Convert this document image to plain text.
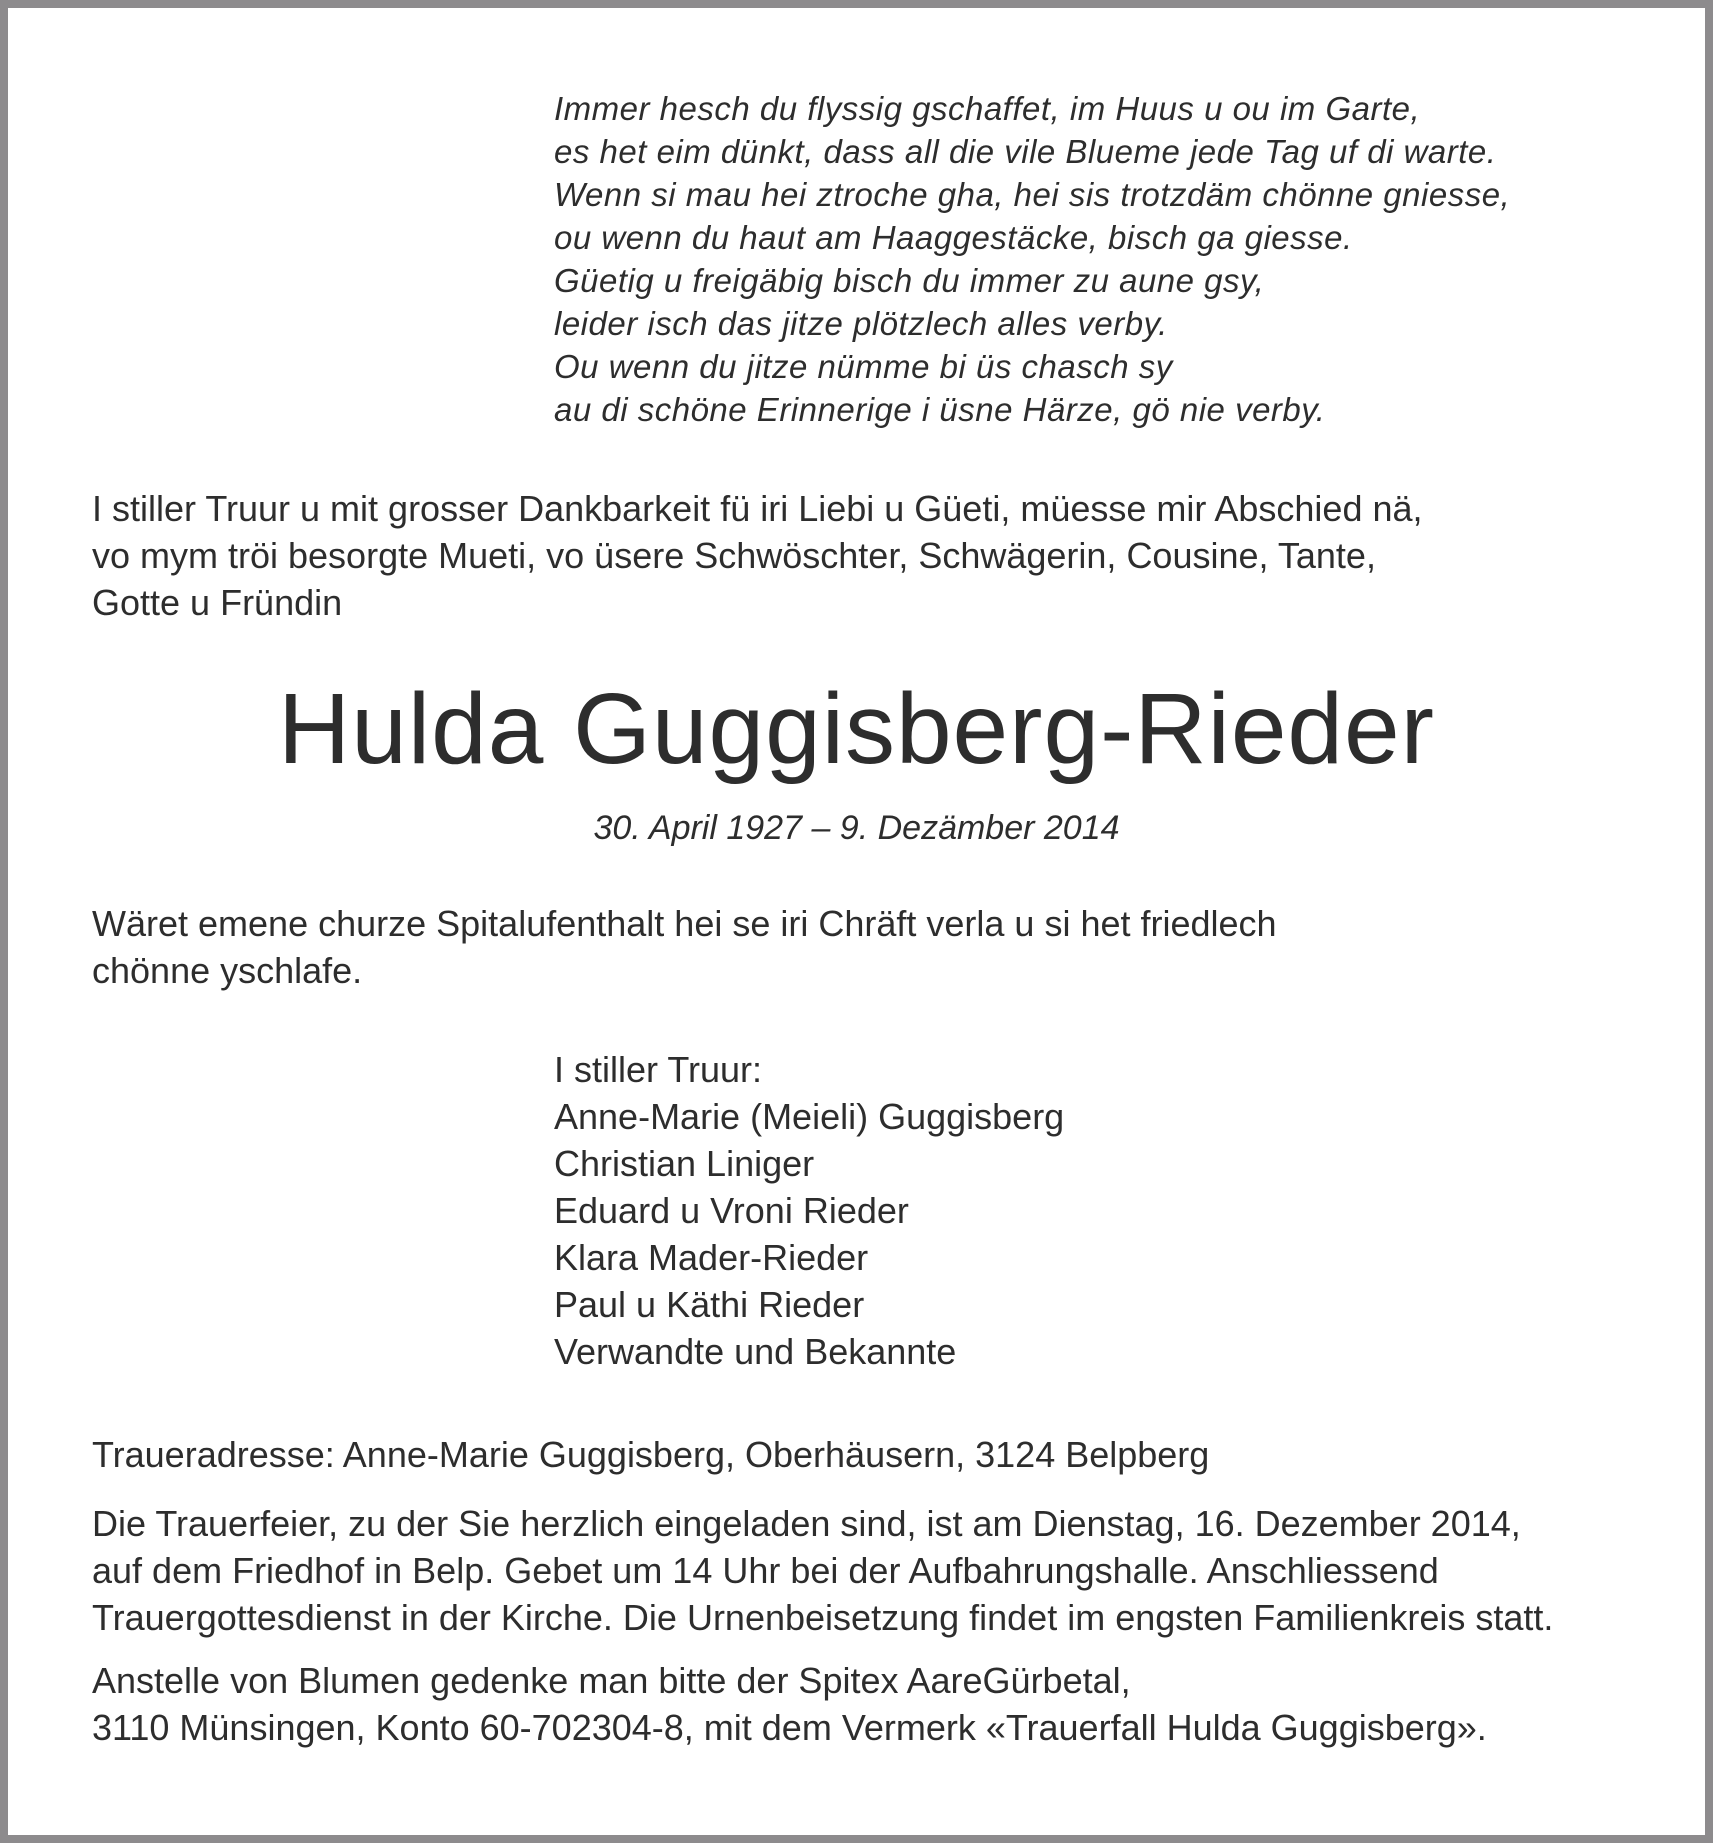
Immer hesch du flyssig gschaffet, im Huus u ou im Garte,
es het eim dünkt, dass all die vile Blueme jede Tag uf di warte.
Wenn si mau hei ztroche gha, hei sis trotzdäm chönne gniesse,
ou wenn du haut am Haaggestäcke, bisch ga giesse.
Güetig u freigäbig bisch du immer zu aune gsy,
leider isch das jitze plötzlech alles verby.
Ou wenn du jitze nümme bi üs chasch sy
au di schöne Erinnerige i üsne Härze, gö nie verby.
I stiller Truur u mit grosser Dankbarkeit fü iri Liebi u Güeti, müesse mir Abschied nä,
vo mym tröi besorgte Mueti, vo üsere Schwöschter, Schwägerin, Cousine, Tante,
Gotte u Fründin
Hulda Guggisberg-Rieder
30. April 1927 – 9. Dezämber 2014
Wäret emene churze Spitalufenthalt hei se iri Chräft verla u si het friedlech
chönne yschlafe.
I stiller Truur:
Anne-Marie (Meieli) Guggisberg
Christian Liniger
Eduard u Vroni Rieder
Klara Mader-Rieder
Paul u Käthi Rieder
Verwandte und Bekannte
Traueradresse: Anne-Marie Guggisberg, Oberhäusern, 3124 Belpberg
Die Trauerfeier, zu der Sie herzlich eingeladen sind, ist am Dienstag, 16. Dezember 2014,
auf dem Friedhof in Belp. Gebet um 14 Uhr bei der Aufbahrungshalle. Anschliessend
Trauergottesdienst in der Kirche. Die Urnenbeisetzung findet im engsten Familienkreis statt.
Anstelle von Blumen gedenke man bitte der Spitex AareGürbetal,
3110 Münsingen, Konto 60-702304-8, mit dem Vermerk «Trauerfall Hulda Guggisberg».
